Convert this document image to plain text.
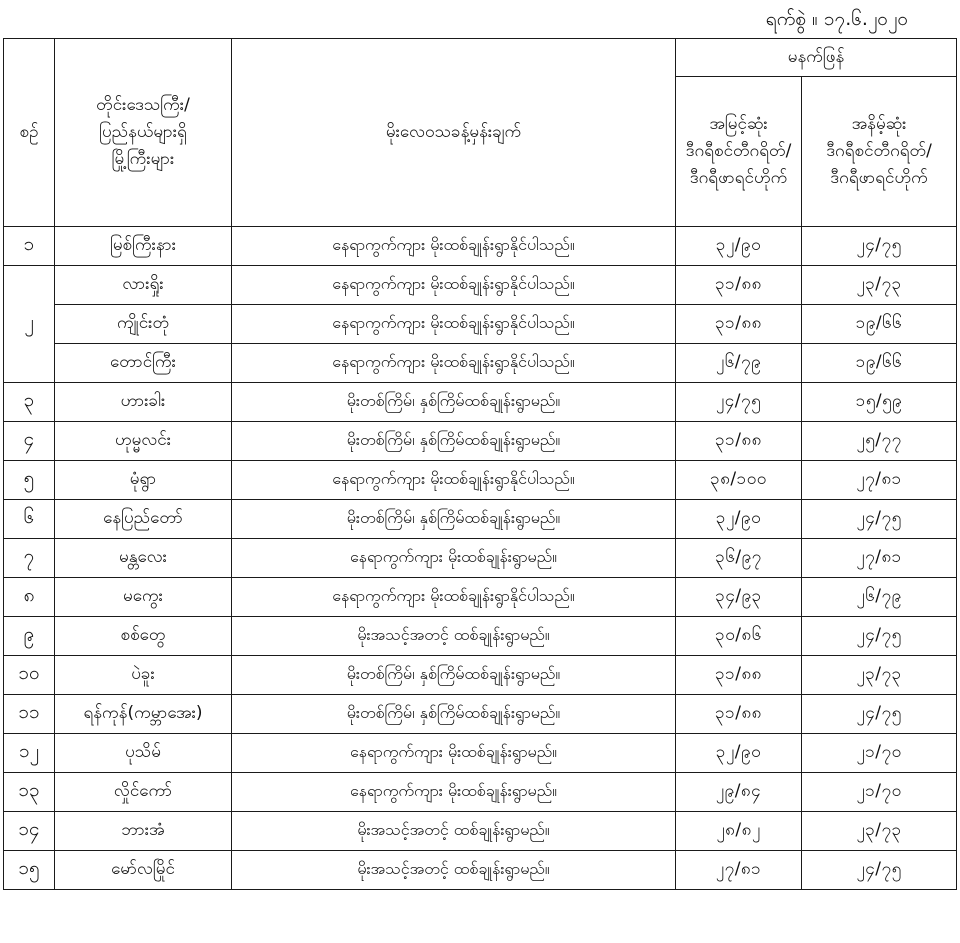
ရက်စွဲ ။ ၁၇.၆.၂၀၂၀
စဉ်	တိုင်းဒေသကြီး/
ပြည်နယ်များရှိ
မြို့ကြီးများ	မိုးလေဝသခန့်မှန်းချက်	မနက်ဖြန်	

			အမြင့်ဆုံး
ဒီဂရီစင်တီဂရိတ်/
ဒီဂရီဖာရင်ဟိုက်	အနိမ့်ဆုံး
ဒီဂရီစင်တီဂရိတ်/
ဒီဂရီဖာရင်ဟိုက်

၁	မြစ်ကြီးနား	နေရာကွက်ကျား မိုးထစ်ချုန်းရွာနိုင်ပါသည်။	၃၂/၉၀	၂၄/၇၅
၂	လားရှိုး	နေရာကွက်ကျား မိုးထစ်ချုန်းရွာနိုင်ပါသည်။	၃၁/၈၈	၂၃/၇၃
	ကျိုင်းတုံ	နေရာကွက်ကျား မိုးထစ်ချုန်းရွာနိုင်ပါသည်။	၃၁/၈၈	၁၉/၆၆
	တောင်ကြီး	နေရာကွက်ကျား မိုးထစ်ချုန်းရွာနိုင်ပါသည်။	၂၆/၇၉	၁၉/၆၆
၃	ဟားခါး	မိုးတစ်ကြိမ်၊ နှစ်ကြိမ်ထစ်ချုန်းရွာမည်။	၂၄/၇၅	၁၅/၅၉
၄	ဟုမ္မလင်း	မိုးတစ်ကြိမ်၊ နှစ်ကြိမ်ထစ်ချုန်းရွာမည်။	၃၁/၈၈	၂၅/၇၇
၅	မုံရွာ	နေရာကွက်ကျား မိုးထစ်ချုန်းရွာနိုင်ပါသည်။	၃၈/၁၀၀	၂၇/၈၁
၆	နေပြည်တော်	မိုးတစ်ကြိမ်၊ နှစ်ကြိမ်ထစ်ချုန်းရွာမည်။	၃၂/၉၀	၂၄/၇၅
၇	မန္တလေး	နေရာကွက်ကျား မိုးထစ်ချုန်းရွာမည်။	၃၆/၉၇	၂၇/၈၁
၈	မကွေး	နေရာကွက်ကျား မိုးထစ်ချုန်းရွာနိုင်ပါသည်။	၃၄/၉၃	၂၆/၇၉
၉	စစ်တွေ	မိုးအသင့်အတင့် ထစ်ချုန်းရွာမည်။	၃၀/၈၆	၂၄/၇၅
၁၀	ပဲခူး	မိုးတစ်ကြိမ်၊ နှစ်ကြိမ်ထစ်ချုန်းရွာမည်။	၃၁/၈၈	၂၃/၇၃
၁၁	ရန်ကုန်(ကမ္ဘာအေး)	မိုးတစ်ကြိမ်၊ နှစ်ကြိမ်ထစ်ချုန်းရွာမည်။	၃၁/၈၈	၂၄/၇၅
၁၂	ပုသိမ်	နေရာကွက်ကျား မိုးထစ်ချုန်းရွာမည်။	၃၂/၉၀	၂၁/၇၀
၁၃	လှိုင်ကော်	နေရာကွက်ကျား မိုးထစ်ချုန်းရွာမည်။	၂၉/၈၄	၂၁/၇၀
၁၄	ဘားအံ	မိုးအသင့်အတင့် ထစ်ချုန်းရွာမည်။	၂၈/၈၂	၂၃/၇၃
၁၅	မော်လမြိုင်	မိုးအသင့်အတင့် ထစ်ချုန်းရွာမည်။	၂၇/၈၁	၂၄/၇၅
